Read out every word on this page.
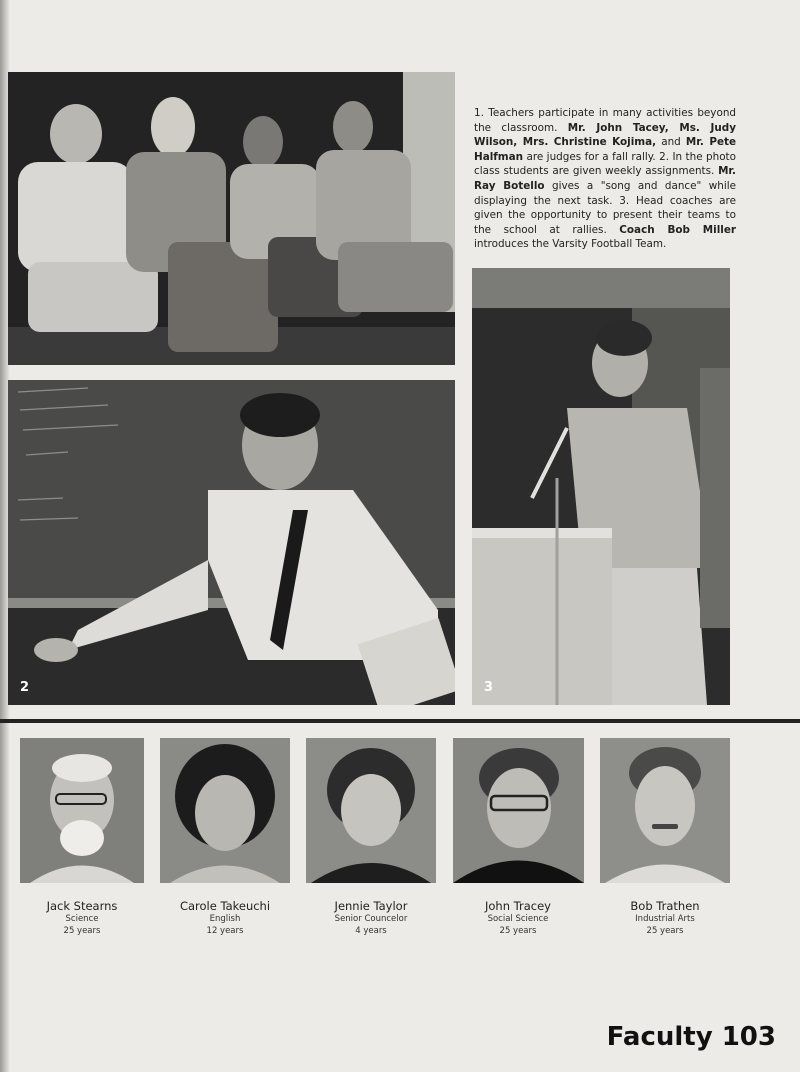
1. Teachers participate in many activities beyond the classroom. Mr. John Tacey, Ms. Judy Wilson, Mrs. Christine Kojima, and Mr. Pete Halfman are judges for a fall rally. 2. In the photo class students are given weekly assignments. Mr. Ray Botello gives a "song and dance" while displaying the next task. 3. Head coaches are given the opportunity to present their teams to the school at rallies. Coach Bob Miller introduces the Varsity Football Team.
2	3
Jack Stearns
Science
25 years
Carole Takeuchi
English
12 years
Jennie Taylor
Senior Councelor
4 years
John Tracey
Social Science
25 years
Bob Trathen
Industrial Arts
25 years
Faculty 103
